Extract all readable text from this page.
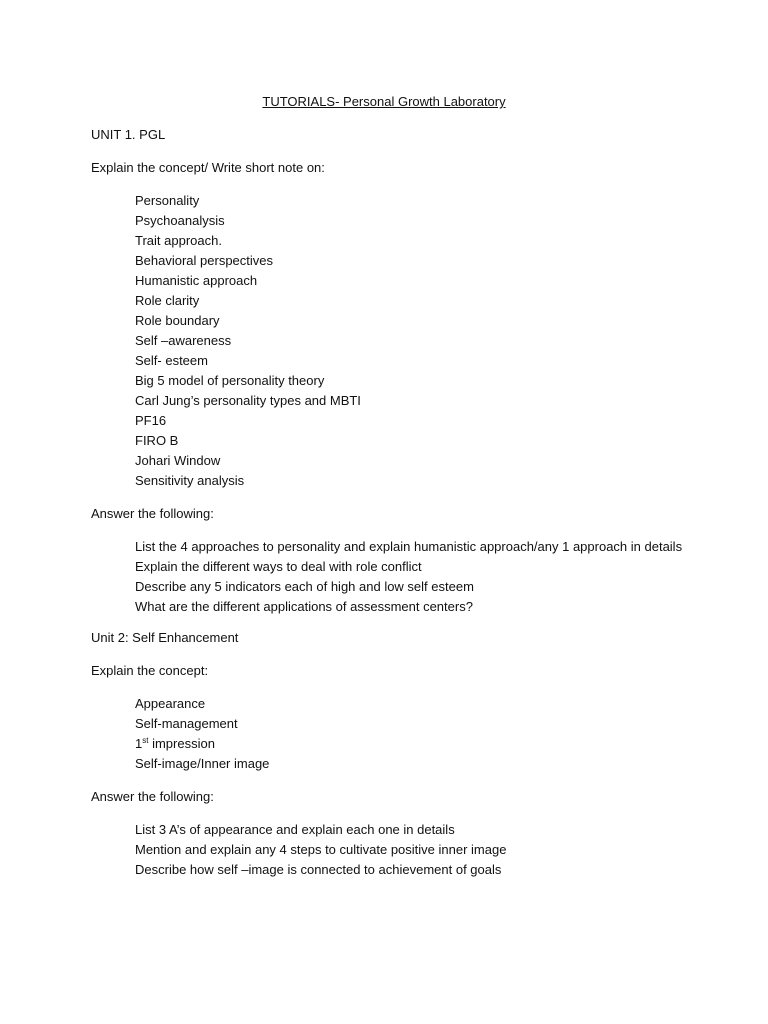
TUTORIALS- Personal Growth Laboratory
UNIT 1. PGL
Explain the concept/ Write short note on:
Personality
Psychoanalysis
Trait approach.
Behavioral perspectives
Humanistic approach
Role clarity
Role boundary
Self –awareness
Self- esteem
Big 5 model of personality theory
Carl Jung’s personality types and MBTI
PF16
FIRO B
Johari Window
Sensitivity analysis
Answer the following:
List the 4 approaches to personality and explain humanistic approach/any 1 approach in details
Explain the different ways to deal with role conflict
Describe any 5 indicators each of high and low self esteem
What are the different applications of assessment centers?
Unit 2: Self Enhancement
Explain the concept:
Appearance
Self-management
1st impression
Self-image/Inner image
Answer the following:
List 3 A’s of appearance and explain each one in details
Mention and explain any 4 steps to cultivate positive inner image
Describe how self –image is connected to achievement of goals
